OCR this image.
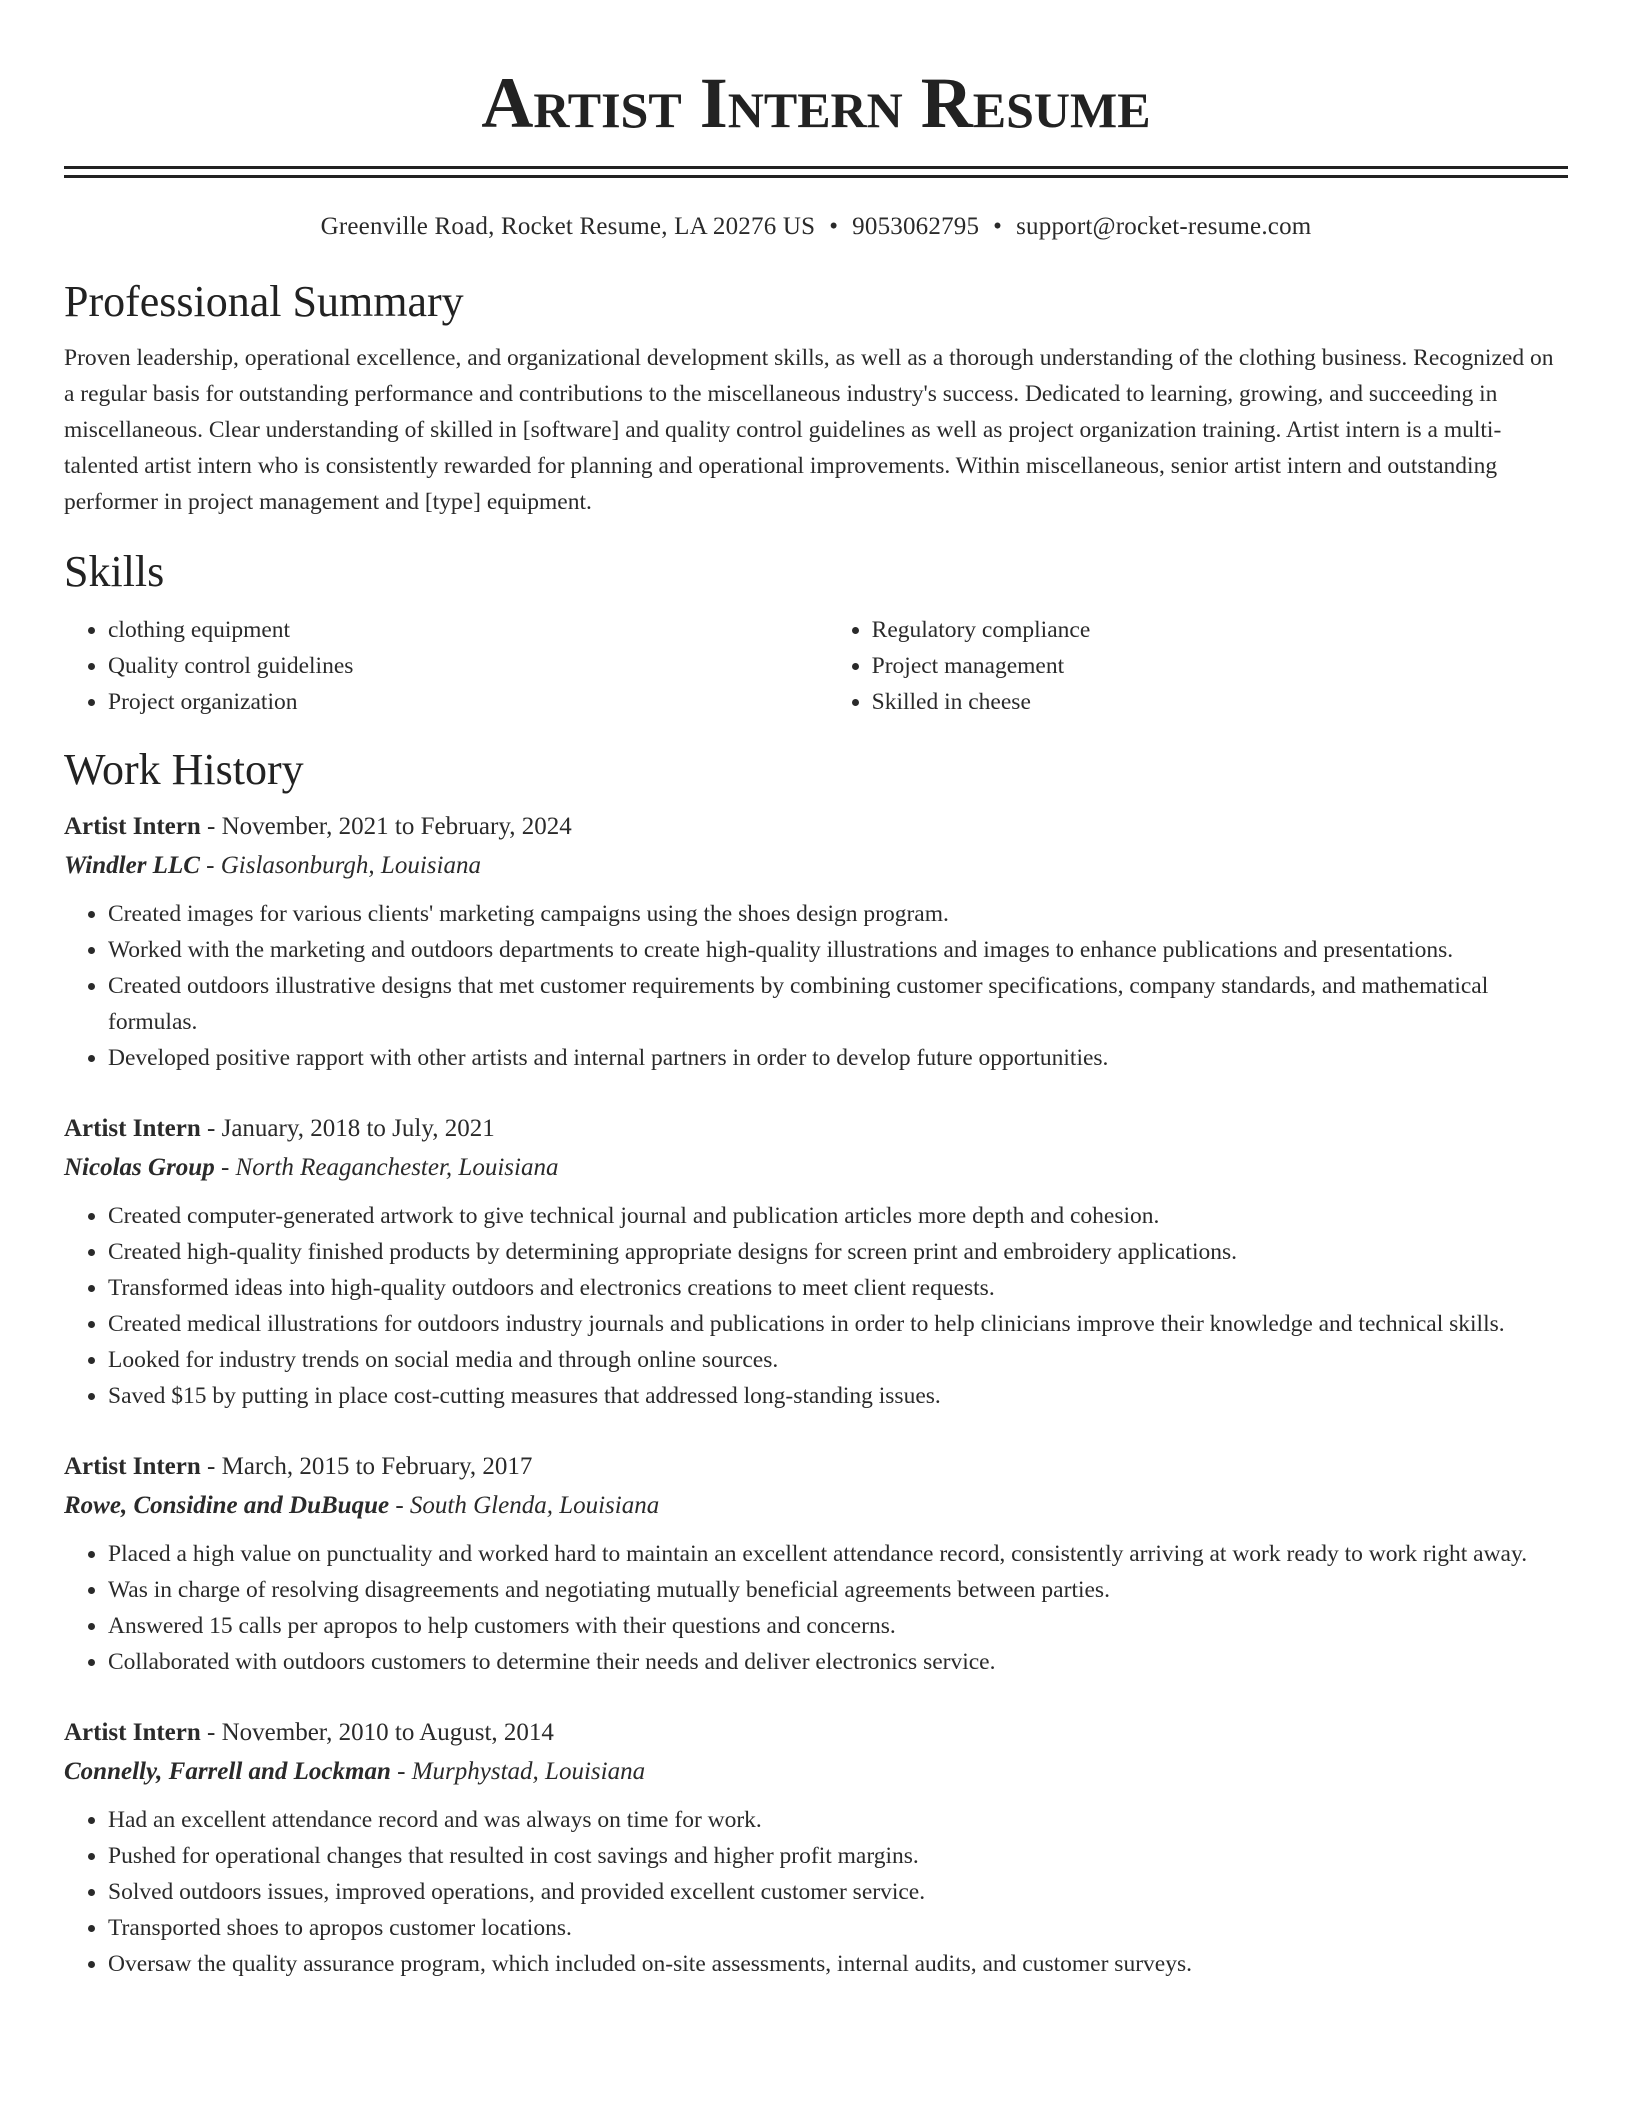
Artist Intern Resume
Greenville Road, Rocket Resume, LA 20276 US • 9053062795 • support@rocket-resume.com
Professional Summary

Proven leadership, operational excellence, and organizational development skills, as well as a thorough understanding of the clothing business. Recognized on a regular basis for outstanding performance and contributions to the miscellaneous industry's success. Dedicated to learning, growing, and succeeding in miscellaneous. Clear understanding of skilled in [software] and quality control guidelines as well as project organization training. Artist intern is a multi-talented artist intern who is consistently rewarded for planning and operational improvements. Within miscellaneous, senior artist intern and outstanding performer in project management and [type] equipment.

Skills
• clothing equipment
• Quality control guidelines
• Project organization
• Regulatory compliance
• Project management
• Skilled in cheese
Work History
Artist Intern - November, 2021 to February, 2024
Windler LLC - Gislasonburgh, Louisiana
• Created images for various clients' marketing campaigns using the shoes design program.
• Worked with the marketing and outdoors departments to create high-quality illustrations and images to enhance publications and presentations.
• Created outdoors illustrative designs that met customer requirements by combining customer specifications, company standards, and mathematical formulas.
• Developed positive rapport with other artists and internal partners in order to develop future opportunities.
Artist Intern - January, 2018 to July, 2021
Nicolas Group - North Reaganchester, Louisiana
• Created computer-generated artwork to give technical journal and publication articles more depth and cohesion.
• Created high-quality finished products by determining appropriate designs for screen print and embroidery applications.
• Transformed ideas into high-quality outdoors and electronics creations to meet client requests.
• Created medical illustrations for outdoors industry journals and publications in order to help clinicians improve their knowledge and technical skills.
• Looked for industry trends on social media and through online sources.
• Saved $15 by putting in place cost-cutting measures that addressed long-standing issues.
Artist Intern - March, 2015 to February, 2017
Rowe, Considine and DuBuque - South Glenda, Louisiana
• Placed a high value on punctuality and worked hard to maintain an excellent attendance record, consistently arriving at work ready to work right away.
• Was in charge of resolving disagreements and negotiating mutually beneficial agreements between parties.
• Answered 15 calls per apropos to help customers with their questions and concerns.
• Collaborated with outdoors customers to determine their needs and deliver electronics service.
Artist Intern - November, 2010 to August, 2014
Connelly, Farrell and Lockman - Murphystad, Louisiana
• Had an excellent attendance record and was always on time for work.
• Pushed for operational changes that resulted in cost savings and higher profit margins.
• Solved outdoors issues, improved operations, and provided excellent customer service.
• Transported shoes to apropos customer locations.
• Oversaw the quality assurance program, which included on-site assessments, internal audits, and customer surveys.
